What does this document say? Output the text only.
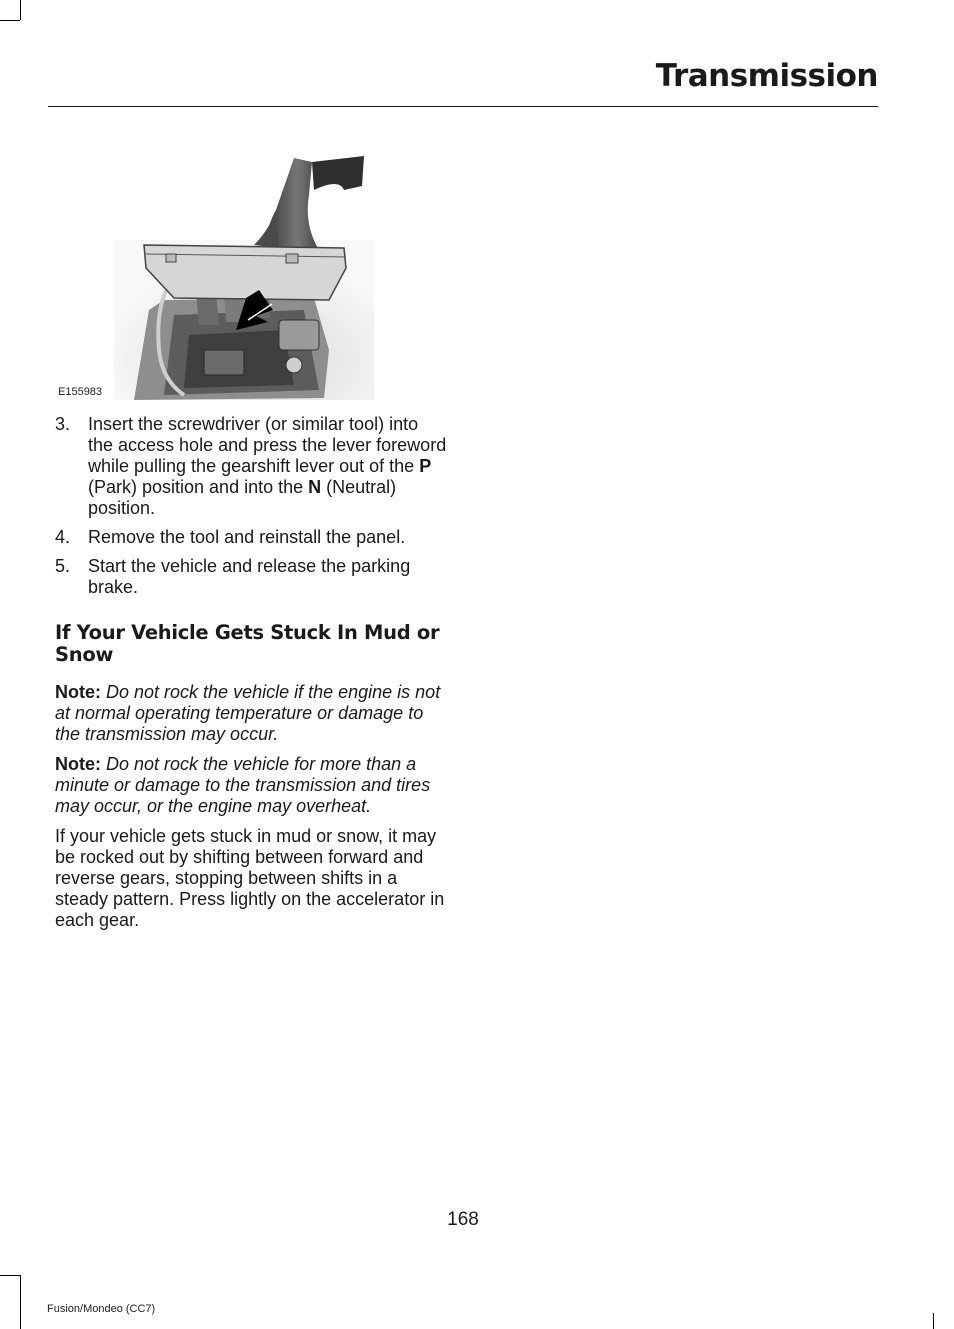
Transmission
E155983
3. Insert the screwdriver (or similar tool) into the access hole and press the lever foreword while pulling the gearshift lever out of the P (Park) position and into the N (Neutral) position.
4. Remove the tool and reinstall the panel.
5. Start the vehicle and release the parking brake.
If Your Vehicle Gets Stuck In Mud or Snow
Note: Do not rock the vehicle if the engine is not at normal operating temperature or damage to the transmission may occur.
Note: Do not rock the vehicle for more than a minute or damage to the transmission and tires may occur, or the engine may overheat.
If your vehicle gets stuck in mud or snow, it may be rocked out by shifting between forward and reverse gears, stopping between shifts in a steady pattern. Press lightly on the accelerator in each gear.
168
Fusion/Mondeo (CC7)
